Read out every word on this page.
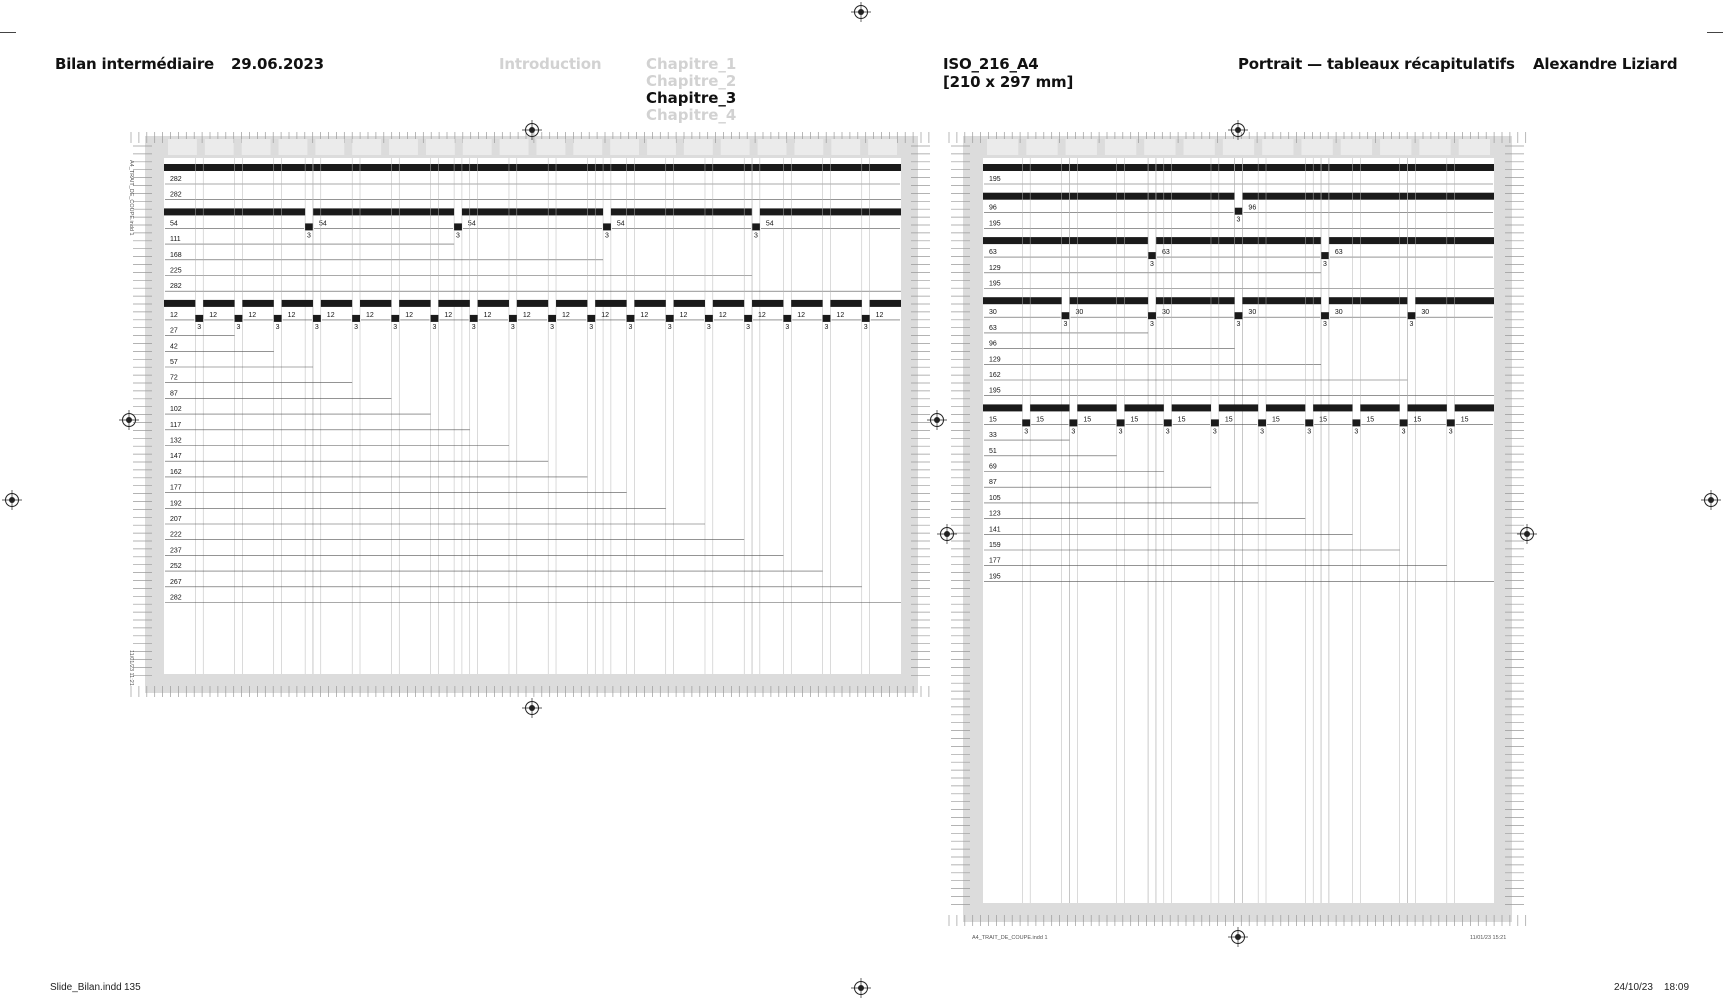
Bilan intermédiaire 29.06.2023	Introduction	Chapitre_1
Chapitre_2
Chapitre_3
Chapitre_4
ISO_216_A4
[210 x 297 mm]
Portrait — tableaux récapitulatifs Alexandre Liziard
282
282
54
3
54
3
54
3
54
3
54
111
168
225
282
12
3
12
3
12
3
12
3
12
3
12
3
12
3
12
3
12
3
12
3
12
3
12
3
12
3
12
3
12
3
12
3
12
3
12
3
12
27
42
57
72
87
102
117
132
147
162
177
192
207
222
237
252
267
282
195
96
3
96
195
63
3
63
3
63
129
195
30
3
30
3
30
3
30
3
30
3
30
63
96
129
162
195
15
3
15
3
15
3
15
3
15
3
15
3
15
3
15
3
15
3
15
3
15
33
51
69
87
105
123
141
159
177
195
A4_TRAIT_DE_COUPE.indd 1
11/01/23 11:21
A4_TRAIT_DE_COUPE.indd 1	11/01/23 15:21
Slide_Bilan.indd 135	24/10/23 18:09
